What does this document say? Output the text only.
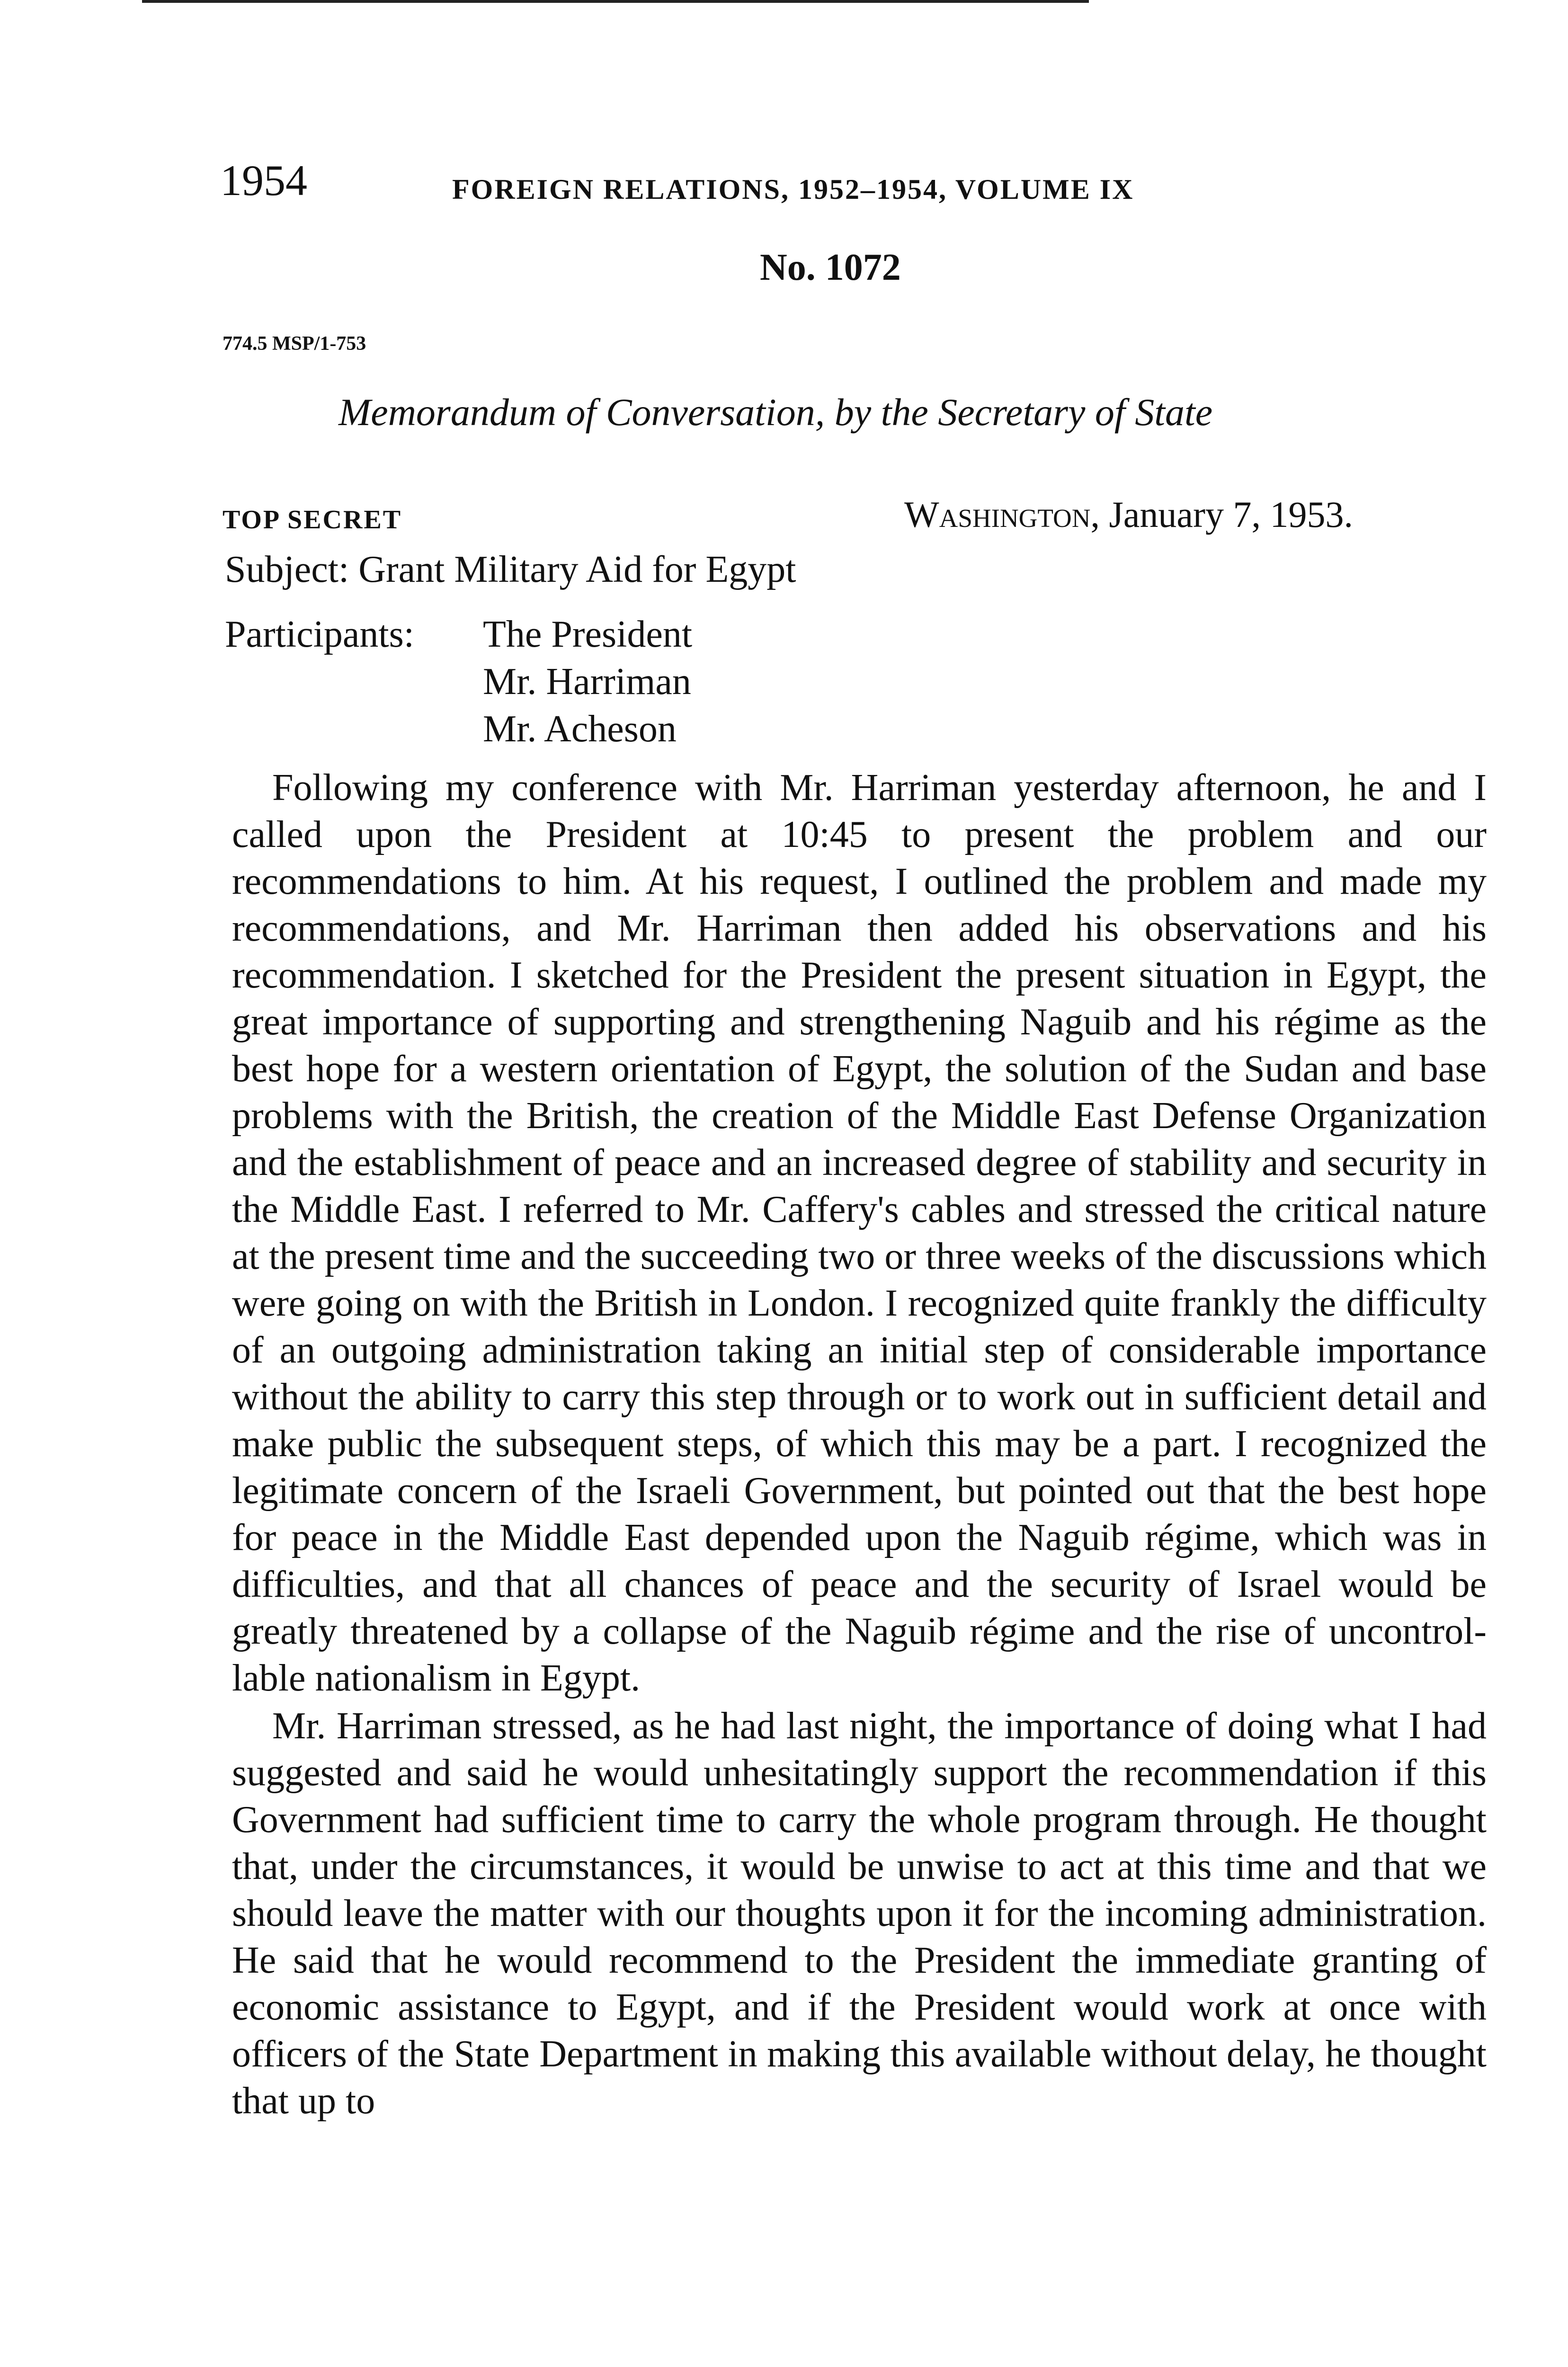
1954	FOREIGN RELATIONS, 1952–1954, VOLUME IX
No. 1072
774.5 MSP/1-753
Memorandum of Conversation, by the Secretary of State
TOP SECRET	Washington, January 7, 1953.
Subject: Grant Military Aid for Egypt
Participants: The President
Mr. Harriman
Mr. Acheson

Following my conference with Mr. Harriman yesterday afternoon, he and I called upon the President at 10:45 to present the problem and our recommendations to him. At his request, I outlined the problem and made my recommendations, and Mr. Harriman then added his observations and his recommendation. I sketched for the President the present situation in Egypt, the great importance of supporting and strengthening Naguib and his régime as the best hope for a western orientation of Egypt, the solution of the Sudan and base problems with the British, the creation of the Middle East Defense Organization and the establishment of peace and an increased degree of stability and security in the Middle East. I referred to Mr. Caffery's cables and stressed the critical nature at the present time and the succeeding two or three weeks of the discussions which were going on with the British in London. I recognized quite frankly the difficulty of an outgoing administration taking an initial step of considerable importance without the ability to carry this step through or to work out in sufficient detail and make public the subsequent steps, of which this may be a part. I recognized the legitimate concern of the Israeli Government, but pointed out that the best hope for peace in the Middle East depended upon the Naguib régime, which was in difficulties, and that all chances of peace and the security of Israel would be greatly threatened by a collapse of the Naguib régime and the rise of uncontrollable nationalism in Egypt.

Mr. Harriman stressed, as he had last night, the importance of doing what I had suggested and said he would unhesitatingly support the recommendation if this Government had sufficient time to carry the whole program through. He thought that, under the circumstances, it would be unwise to act at this time and that we should leave the matter with our thoughts upon it for the incoming administration. He said that he would recommend to the President the immediate granting of economic assistance to Egypt, and if the President would work at once with officers of the State Department in making this available without delay, he thought that up to
